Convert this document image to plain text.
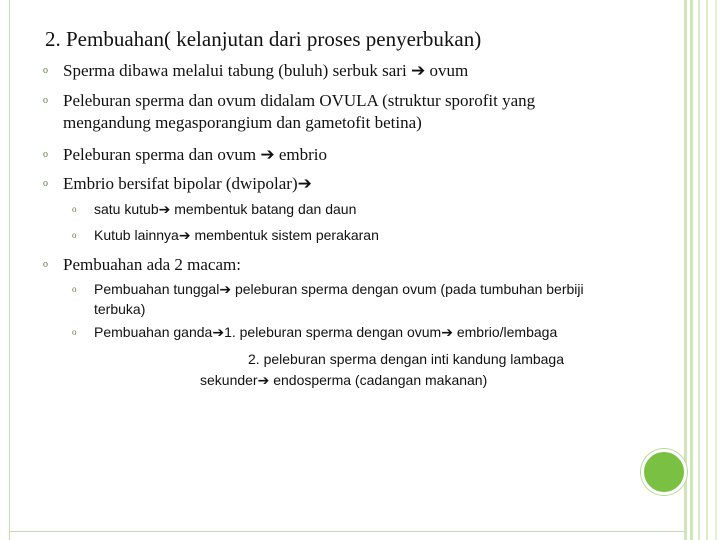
2. Pembuahan( kelanjutan dari proses penyerbukan)
o Sperma dibawa melalui tabung (buluh) serbuk sari ➔ ovum
o Peleburan sperma dan ovum didalam OVULA (struktur sporofit yang
mengandung megasporangium dan gametofit betina)
o Peleburan sperma dan ovum ➔ embrio
o Embrio bersifat bipolar (dwipolar)➔
o satu kutub➔ membentuk batang dan daun
o Kutub lainnya➔ membentuk sistem perakaran
o Pembuahan ada 2 macam:
o Pembuahan tunggal➔ peleburan sperma dengan ovum (pada tumbuhan berbiji
terbuka)
o Pembuahan ganda➔1. peleburan sperma dengan ovum➔ embrio/lembaga
2. peleburan sperma dengan inti kandung lambaga
sekunder➔ endosperma (cadangan makanan)
